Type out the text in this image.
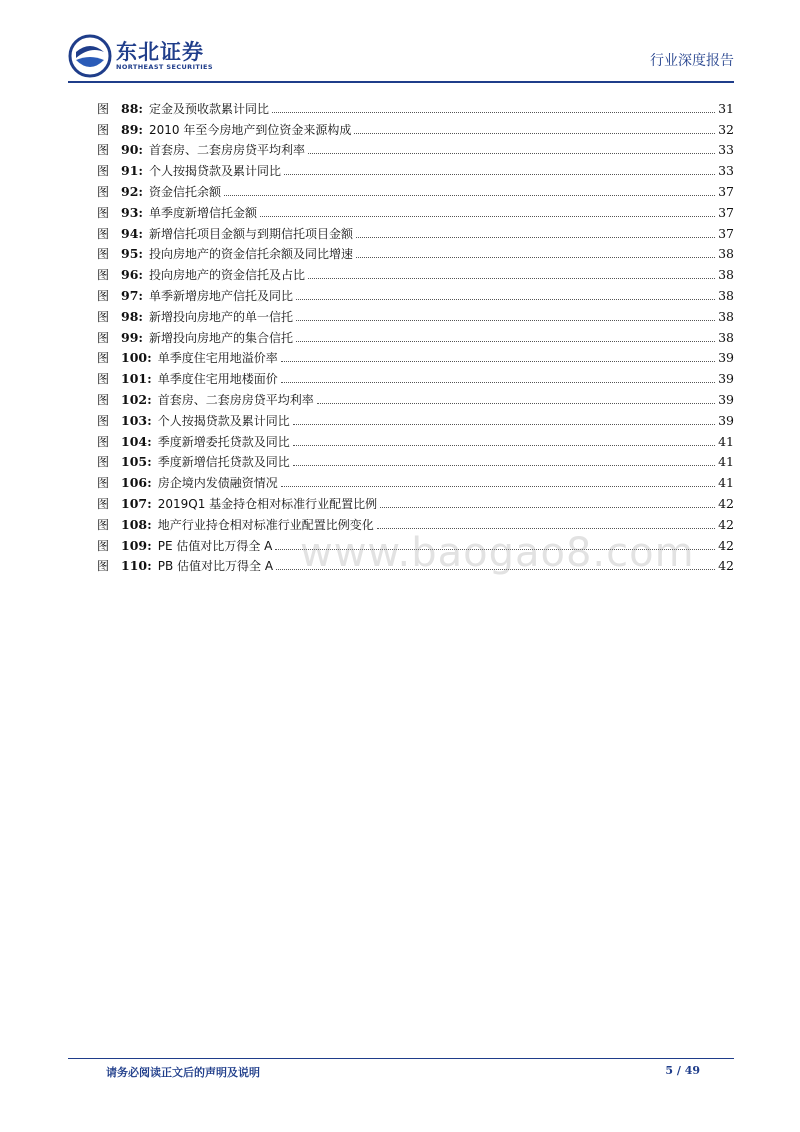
东北证券
NORTHEAST SECURITIES	行业深度报告
图 88: 定金及预收款累计同比	31
图 89: 2010 年至今房地产到位资金来源构成	32
图 90: 首套房、二套房房贷平均利率	33
图 91: 个人按揭贷款及累计同比	33
图 92: 资金信托余额	37
图 93: 单季度新增信托金额	37
图 94: 新增信托项目金额与到期信托项目金额	37
图 95: 投向房地产的资金信托余额及同比增速	38
图 96: 投向房地产的资金信托及占比	38
图 97: 单季新增房地产信托及同比	38
图 98: 新增投向房地产的单一信托	38
图 99: 新增投向房地产的集合信托	38
图 100: 单季度住宅用地溢价率	39
图 101: 单季度住宅用地楼面价	39
图 102: 首套房、二套房房贷平均利率	39
图 103: 个人按揭贷款及累计同比	39
图 104: 季度新增委托贷款及同比	41
图 105: 季度新增信托贷款及同比	41
图 106: 房企境内发债融资情况	41
图 107: 2019Q1 基金持仓相对标准行业配置比例	42
图 108: 地产行业持仓相对标准行业配置比例变化	42
图 109: PE 估值对比万得全 A	42
图 110: PB 估值对比万得全 A	42
www.baogao8.com
请务必阅读正文后的声明及说明	5 / 49
